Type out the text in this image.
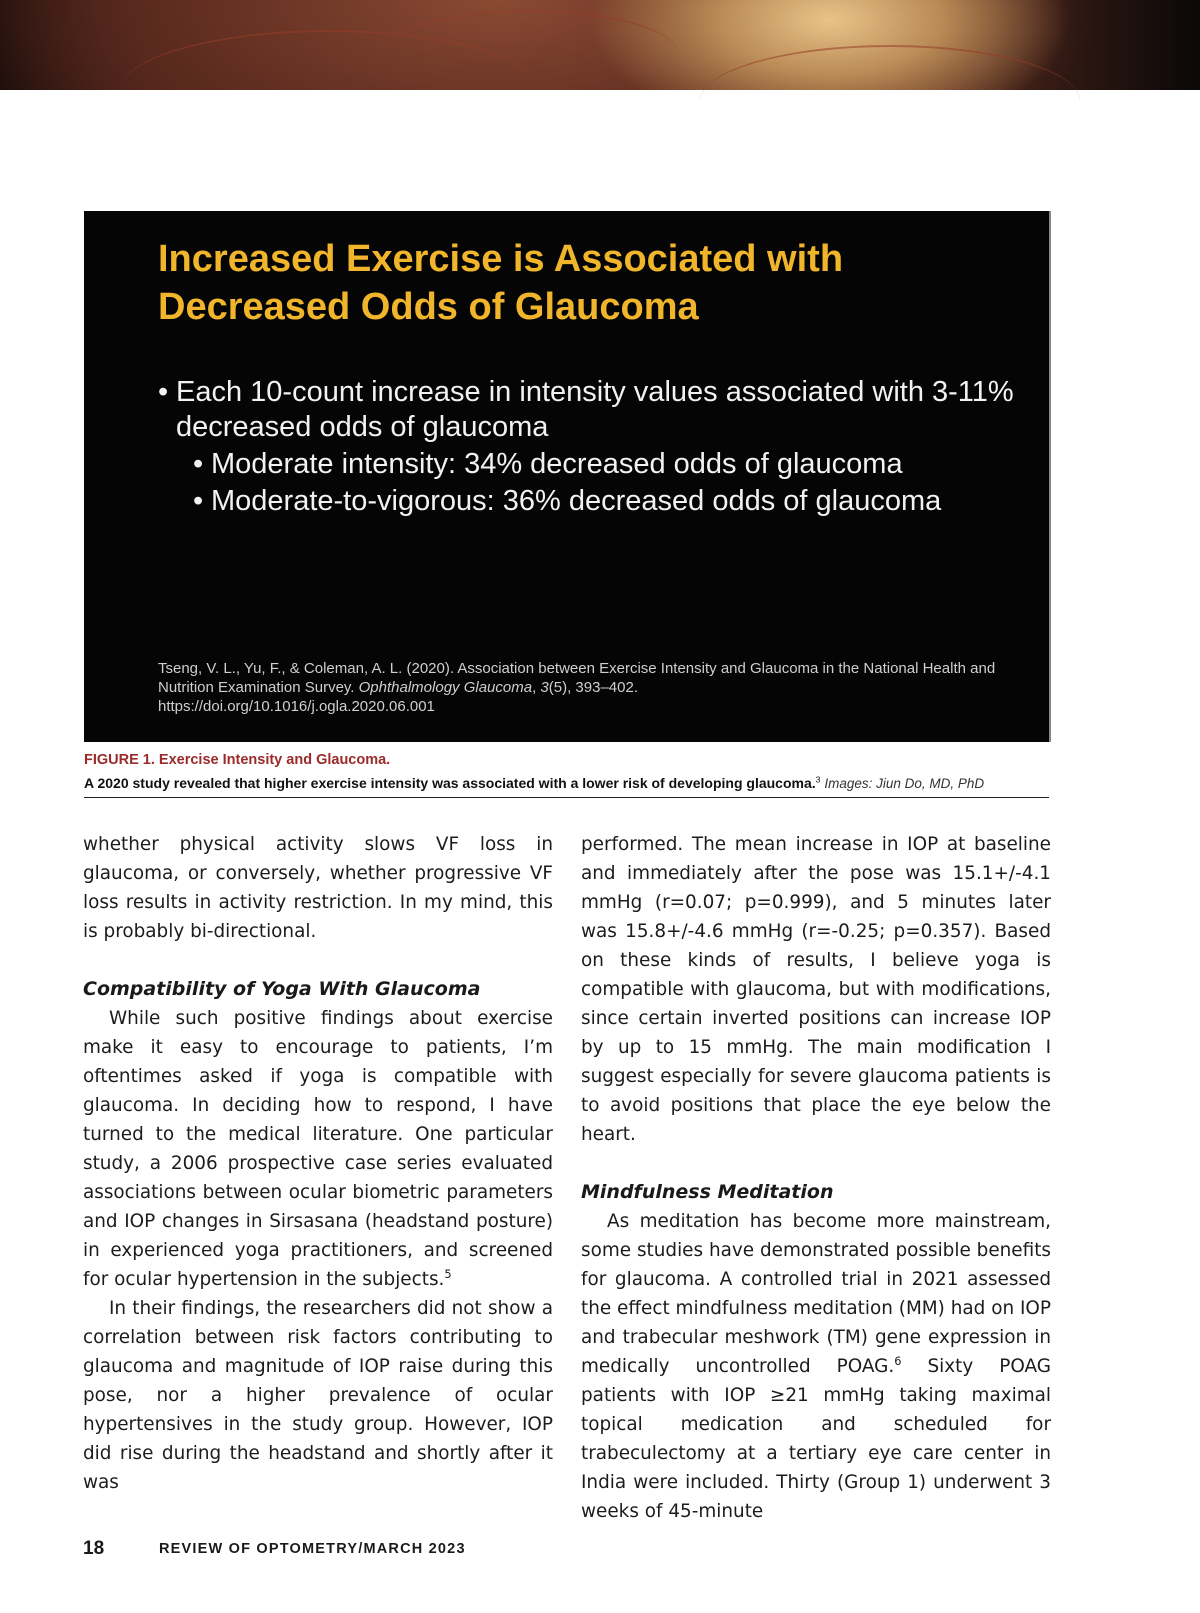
Increased Exercise is Associated with
Decreased Odds of Glaucoma
• Each 10-count increase in intensity values associated with 3-11% decreased odds of glaucoma
• Moderate intensity: 34% decreased odds of glaucoma
• Moderate-to-vigorous: 36% decreased odds of glaucoma
Tseng, V. L., Yu, F., & Coleman, A. L. (2020). Association between Exercise Intensity and Glaucoma in the National Health and Nutrition Examination Survey. Ophthalmology Glaucoma, 3(5), 393–402.
https://doi.org/10.1016/j.ogla.2020.06.001
FIGURE 1. Exercise Intensity and Glaucoma.
A 2020 study revealed that higher exercise intensity was associated with a lower risk of developing glaucoma.$^3$ Images: Jiun Do, MD, PhD

whether physical activity slows VF loss in glaucoma, or conversely, whether progressive VF loss results in activity restriction. In my mind, this is probably bi-directional.

Compatibility of Yoga With Glaucoma

While such positive findings about exercise make it easy to encourage to patients, I’m oftentimes asked if yoga is compatible with glaucoma. In deciding how to respond, I have turned to the medical literature. One particular study, a 2006 prospective case series evaluated associations between ocular biometric parameters and IOP changes in Sirsasana (headstand posture) in experienced yoga practitioners, and screened for ocular hypertension in the subjects.$^5$

In their findings, the researchers did not show a correlation between risk factors contributing to glaucoma and magnitude of IOP raise during this pose, nor a higher prevalence of ocular hypertensives in the study group. However, IOP did rise during the headstand and shortly after it was

performed. The mean increase in IOP at baseline and immediately after the pose was 15.1+/-4.1 mmHg (r=0.07; p=0.999), and 5 minutes later was 15.8+/-4.6 mmHg (r=-0.25; p=0.357). Based on these kinds of results, I believe yoga is compatible with glaucoma, but with modifications, since certain inverted positions can increase IOP by up to 15 mmHg. The main modification I suggest especially for severe glaucoma patients is to avoid positions that place the eye below the heart.

Mindfulness Meditation

As meditation has become more mainstream, some studies have demonstrated possible benefits for glaucoma. A controlled trial in 2021 assessed the effect mindfulness meditation (MM) had on IOP and trabecular meshwork (TM) gene expression in medically uncontrolled POAG.$^6$ Sixty POAG patients with IOP ≥21 mmHg taking maximal topical medication and scheduled for trabeculectomy at a tertiary eye care center in India were included. Thirty (Group 1) underwent 3 weeks of 45-minute

18	REVIEW OF OPTOMETRY/MARCH 2023
